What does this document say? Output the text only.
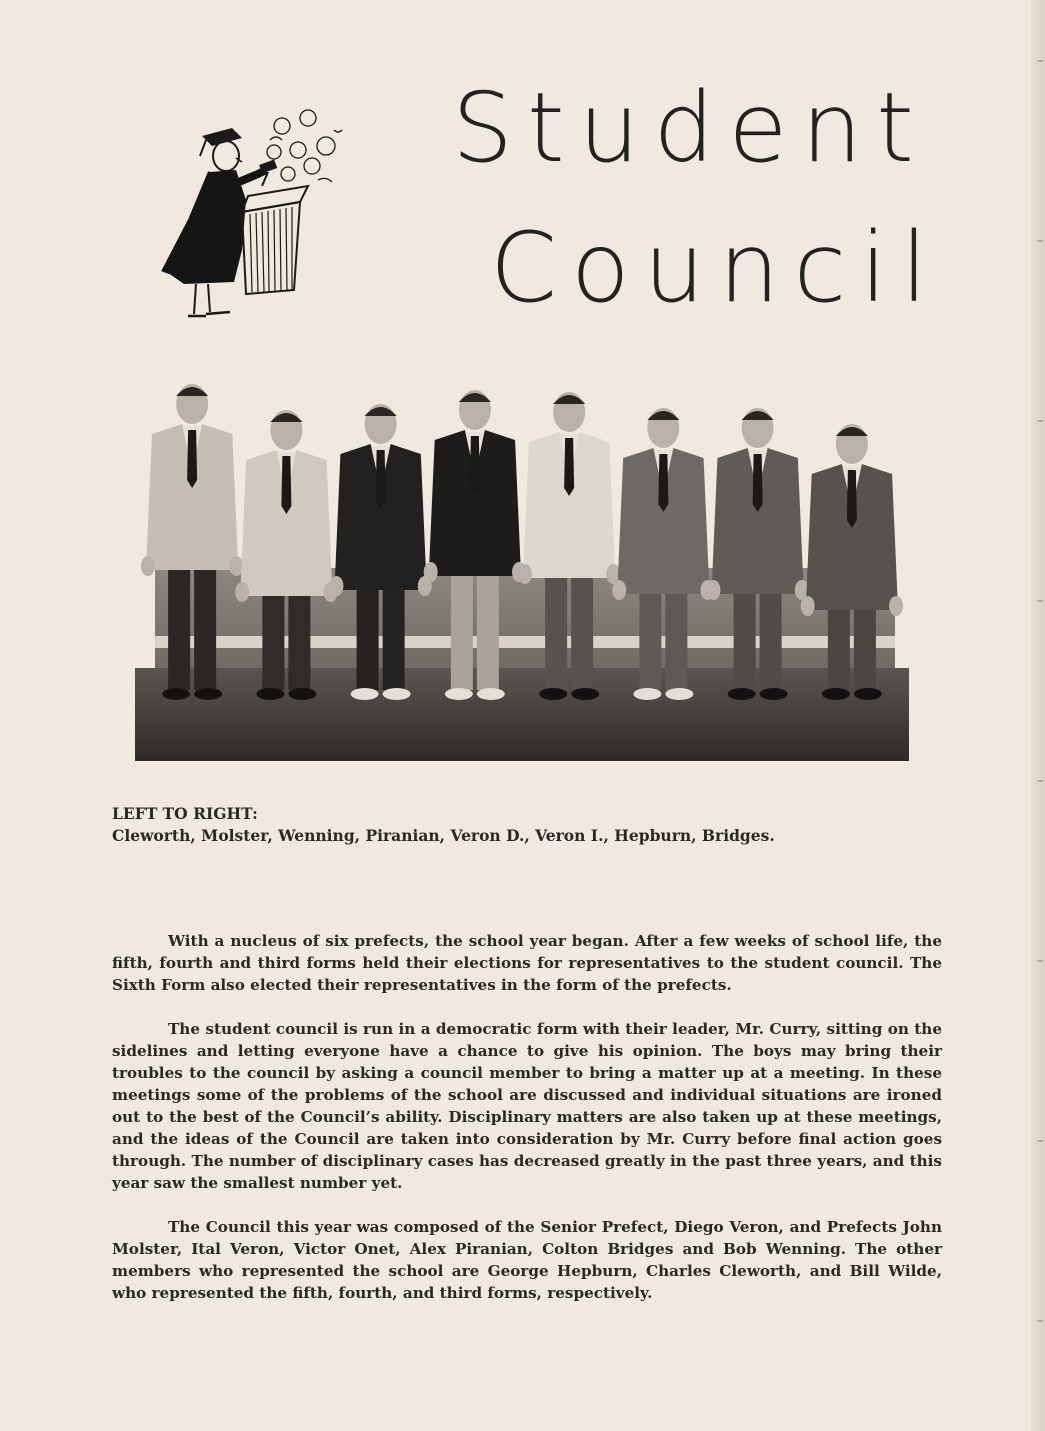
Student
Council
LEFT TO RIGHT:
Cleworth, Molster, Wenning, Piranian, Veron D., Veron I., Hepburn, Bridges.

With a nucleus of six prefects, the school year began. After a few weeks of school life, the fifth, fourth and third forms held their elections for representatives to the student council. The Sixth Form also elected their representatives in the form of the prefects.

The student council is run in a democratic form with their leader, Mr. Curry, sitting on the sidelines and letting everyone have a chance to give his opinion. The boys may bring their troubles to the council by asking a council member to bring a matter up at a meeting. In these meetings some of the problems of the school are discussed and individual situations are ironed out to the best of the Council’s ability. Disciplinary matters are also taken up at these meetings, and the ideas of the Council are taken into consideration by Mr. Curry before final action goes through. The number of disciplinary cases has decreased greatly in the past three years, and this year saw the smallest number yet.

The Council this year was composed of the Senior Prefect, Diego Veron, and Prefects John Molster, Ital Veron, Victor Onet, Alex Piranian, Colton Bridges and Bob Wenning. The other members who represented the school are George Hepburn, Charles Cleworth, and Bill Wilde, who represented the fifth, fourth, and third forms, respectively.
